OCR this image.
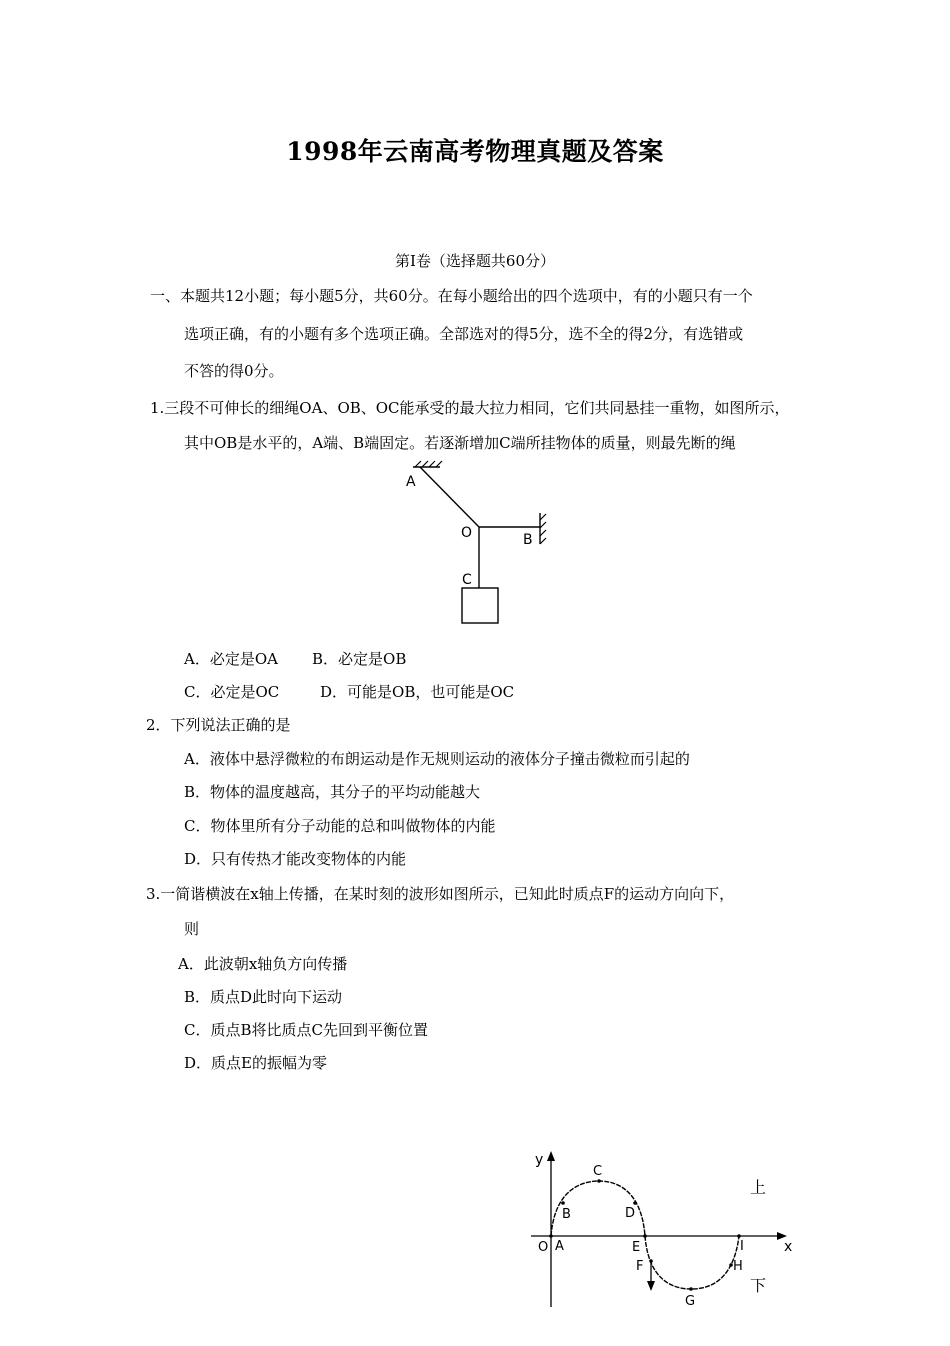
1998年云南高考物理真题及答案
第Ⅰ卷（选择题共60分）
一、本题共12小题；每小题5分，共60分。在每小题给出的四个选项中，有的小题只有一个
选项正确，有的小题有多个选项正确。全部选对的得5分，选不全的得2分，有选错或
不答的得0分。
1.三段不可伸长的细绳OA、OB、OC能承受的最大拉力相同，它们共同悬挂一重物，如图所示，
其中OB是水平的，A端、B端固定。若逐渐增加C端所挂物体的质量，则最先断的绳
A
O	B
C
A．必定是OA B．必定是OB
C．必定是OC	D．可能是OB，也可能是OC
2．下列说法正确的是
A．液体中悬浮微粒的布朗运动是作无规则运动的液体分子撞击微粒而引起的
B．物体的温度越高，其分子的平均动能越大
C．物体里所有分子动能的总和叫做物体的内能
D．只有传热才能改变物体的内能
3.一简谐横波在x轴上传播，在某时刻的波形如图所示，已知此时质点F的运动方向向下，
则
A．此波朝x轴负方向传播
B．质点D此时向下运动
C．质点B将比质点C先回到平衡位置
D．质点E的振幅为零
y
x
O A
B
C
D
E
F
G
H
I
上
下
